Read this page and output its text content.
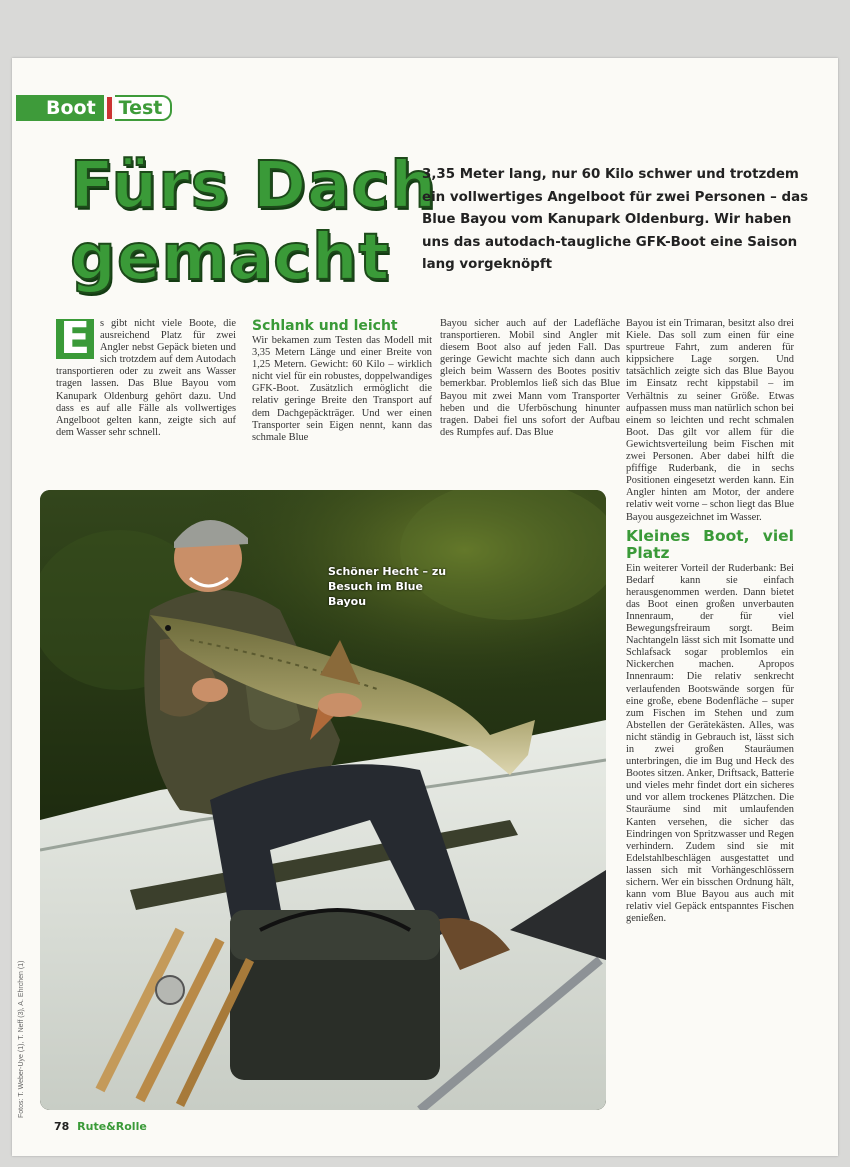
Boot	Test
Fürs Dach
gemacht
3,35 Meter lang, nur 60 Kilo schwer und trotzdem ein vollwertiges Angelboot für zwei Personen – das Blue Bayou vom Kanupark Oldenburg. Wir haben uns das autodach-taugliche GFK-Boot eine Saison lang vorgeknöpft
E s gibt nicht viele Boote, die ausreichend Platz für zwei Angler nebst Gepäck bieten und sich trotzdem auf dem Autodach transportieren oder zu zweit ans Wasser tragen lassen. Das Blue Bayou vom Kanupark Oldenburg gehört dazu. Und dass es auf alle Fälle als vollwertiges Angelboot gelten kann, zeigte sich auf dem Wasser sehr schnell.

Schlank und leicht

Wir bekamen zum Testen das Modell mit 3,35 Metern Länge und einer Breite von 1,25 Metern. Gewicht: 60 Kilo – wirklich nicht viel für ein robustes, doppelwandiges GFK-Boot. Zusätzlich ermöglicht die relativ geringe Breite den Transport auf dem Dachgepäckträger. Und wer einen Transporter sein Eigen nennt, kann das schmale Blue

Bayou sicher auch auf der Ladefläche transportieren. Mobil sind Angler mit diesem Boot also auf jeden Fall. Das geringe Gewicht machte sich dann auch gleich beim Wassern des Bootes positiv bemerkbar. Problemlos ließ sich das Blue Bayou mit zwei Mann vom Transporter heben und die Uferböschung hinunter tragen. Dabei fiel uns sofort der Aufbau des Rumpfes auf. Das Blue

Bayou ist ein Trimaran, besitzt also drei Kiele. Das soll zum einen für eine spurtreue Fahrt, zum anderen für kippsichere Lage sorgen. Und tatsächlich zeigte sich das Blue Bayou im Einsatz recht kippstabil – im Verhältnis zu seiner Größe. Etwas aufpassen muss man natürlich schon bei einem so leichten und recht schmalen Boot. Das gilt vor allem für die Gewichtsverteilung beim Fischen mit zwei Personen. Aber dabei hilft die pfiffige Ruderbank, die in sechs Positionen eingesetzt werden kann. Ein Angler hinten am Motor, der andere relativ weit vorne – schon liegt das Blue Bayou ausgezeichnet im Wasser.

Kleines Boot, viel Platz

Ein weiterer Vorteil der Ruderbank: Bei Bedarf kann sie einfach herausgenommen werden. Dann bietet das Boot einen großen unverbauten Innenraum, der für viel Bewegungsfreiraum sorgt. Beim Nachtangeln lässt sich mit Isomatte und Schlafsack sogar problemlos ein Nickerchen machen. Apropos Innenraum: Die relativ senkrecht verlaufenden Bootswände sorgen für eine große, ebene Bodenfläche – super zum Fischen im Stehen und zum Abstellen der Gerätekästen. Alles, was nicht ständig in Gebrauch ist, lässt sich in zwei großen Stauräumen unterbringen, die im Bug und Heck des Bootes sitzen. Anker, Driftsack, Batterie und vieles mehr findet dort ein sicheres und vor allem trockenes Plätzchen. Die Stauräume sind mit umlaufenden Kanten versehen, die sicher das Eindringen von Spritzwasser und Regen verhindern. Zudem sind sie mit Edelstahlbeschlägen ausgestattet und lassen sich mit Vorhängeschlössern sichern. Wer ein bisschen Ordnung hält, kann vom Blue Bayou aus auch mit relativ viel Gepäck entspanntes Fischen genießen.

Schöner Hecht – zu Besuch im Blue Bayou
Fotos: T. Weber-Uye (1), T. Neff (3), A. Ehrchen (1)
78 Rute&Rolle
